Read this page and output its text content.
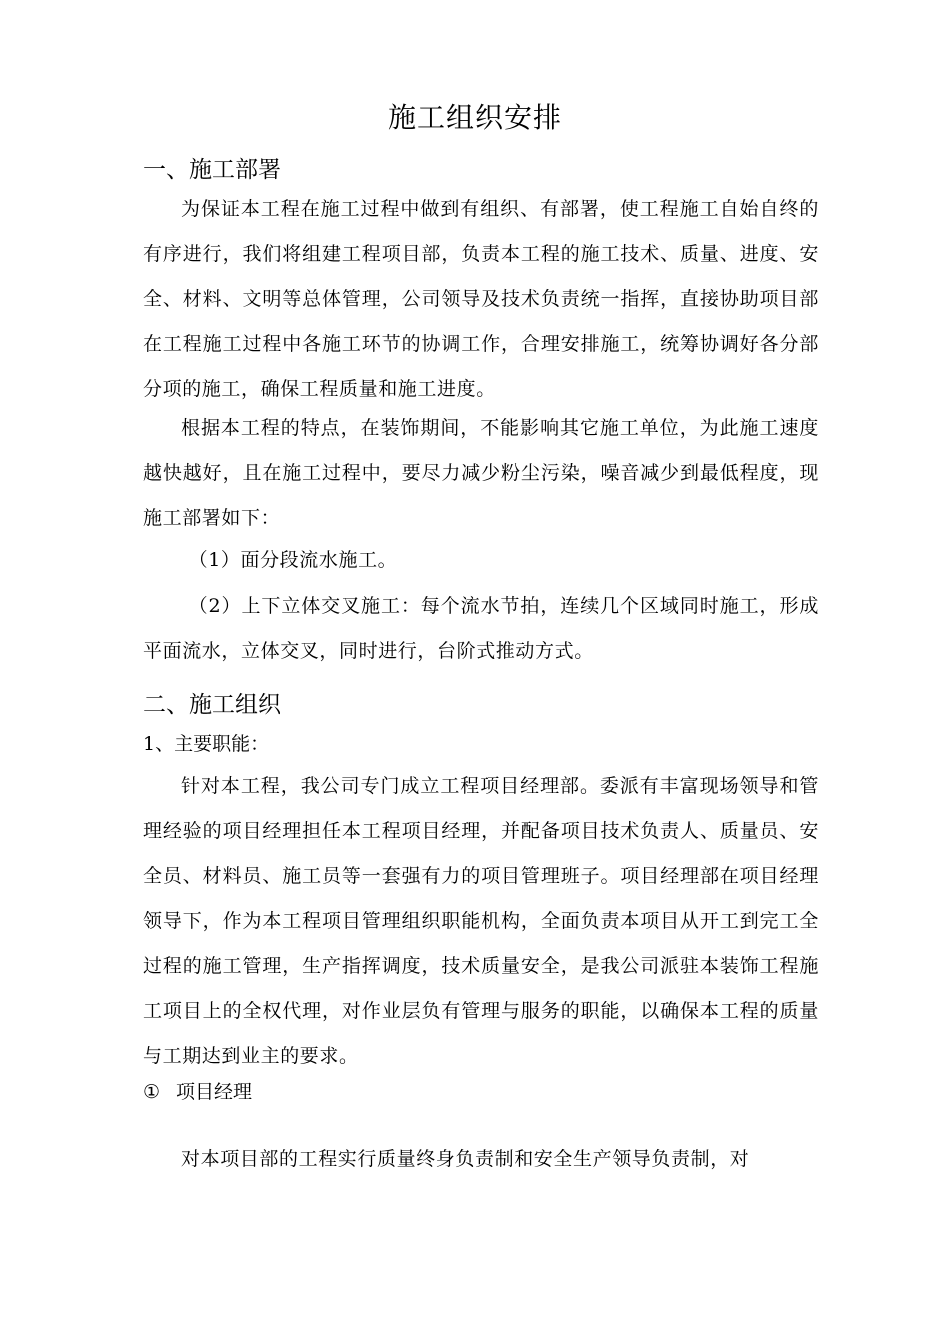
施工组织安排
一、施工部署
为保证本工程在施工过程中做到有组织、有部署，使工程施工自始自终的有序进行，我们将组建工程项目部，负责本工程的施工技术、质量、进度、安全、材料、文明等总体管理，公司领导及技术负责统一指挥，直接协助项目部在工程施工过程中各施工环节的协调工作，合理安排施工，统筹协调好各分部分项的施工，确保工程质量和施工进度。
根据本工程的特点，在装饰期间，不能影响其它施工单位，为此施工速度越快越好，且在施工过程中，要尽力减少粉尘污染，噪音减少到最低程度，现施工部署如下：
（1）面分段流水施工。
（2）上下立体交叉施工：每个流水节拍，连续几个区域同时施工，形成平面流水，立体交叉，同时进行，台阶式推动方式。
二、施工组织
1、主要职能：
针对本工程，我公司专门成立工程项目经理部。委派有丰富现场领导和管理经验的项目经理担任本工程项目经理，并配备项目技术负责人、质量员、安全员、材料员、施工员等一套强有力的项目管理班子。项目经理部在项目经理领导下，作为本工程项目管理组织职能机构，全面负责本项目从开工到完工全过程的施工管理，生产指挥调度，技术质量安全，是我公司派驻本装饰工程施工项目上的全权代理，对作业层负有管理与服务的职能，以确保本工程的质量与工期达到业主的要求。
① 项目经理
对本项目部的工程实行质量终身负责制和安全生产领导负责制，对
